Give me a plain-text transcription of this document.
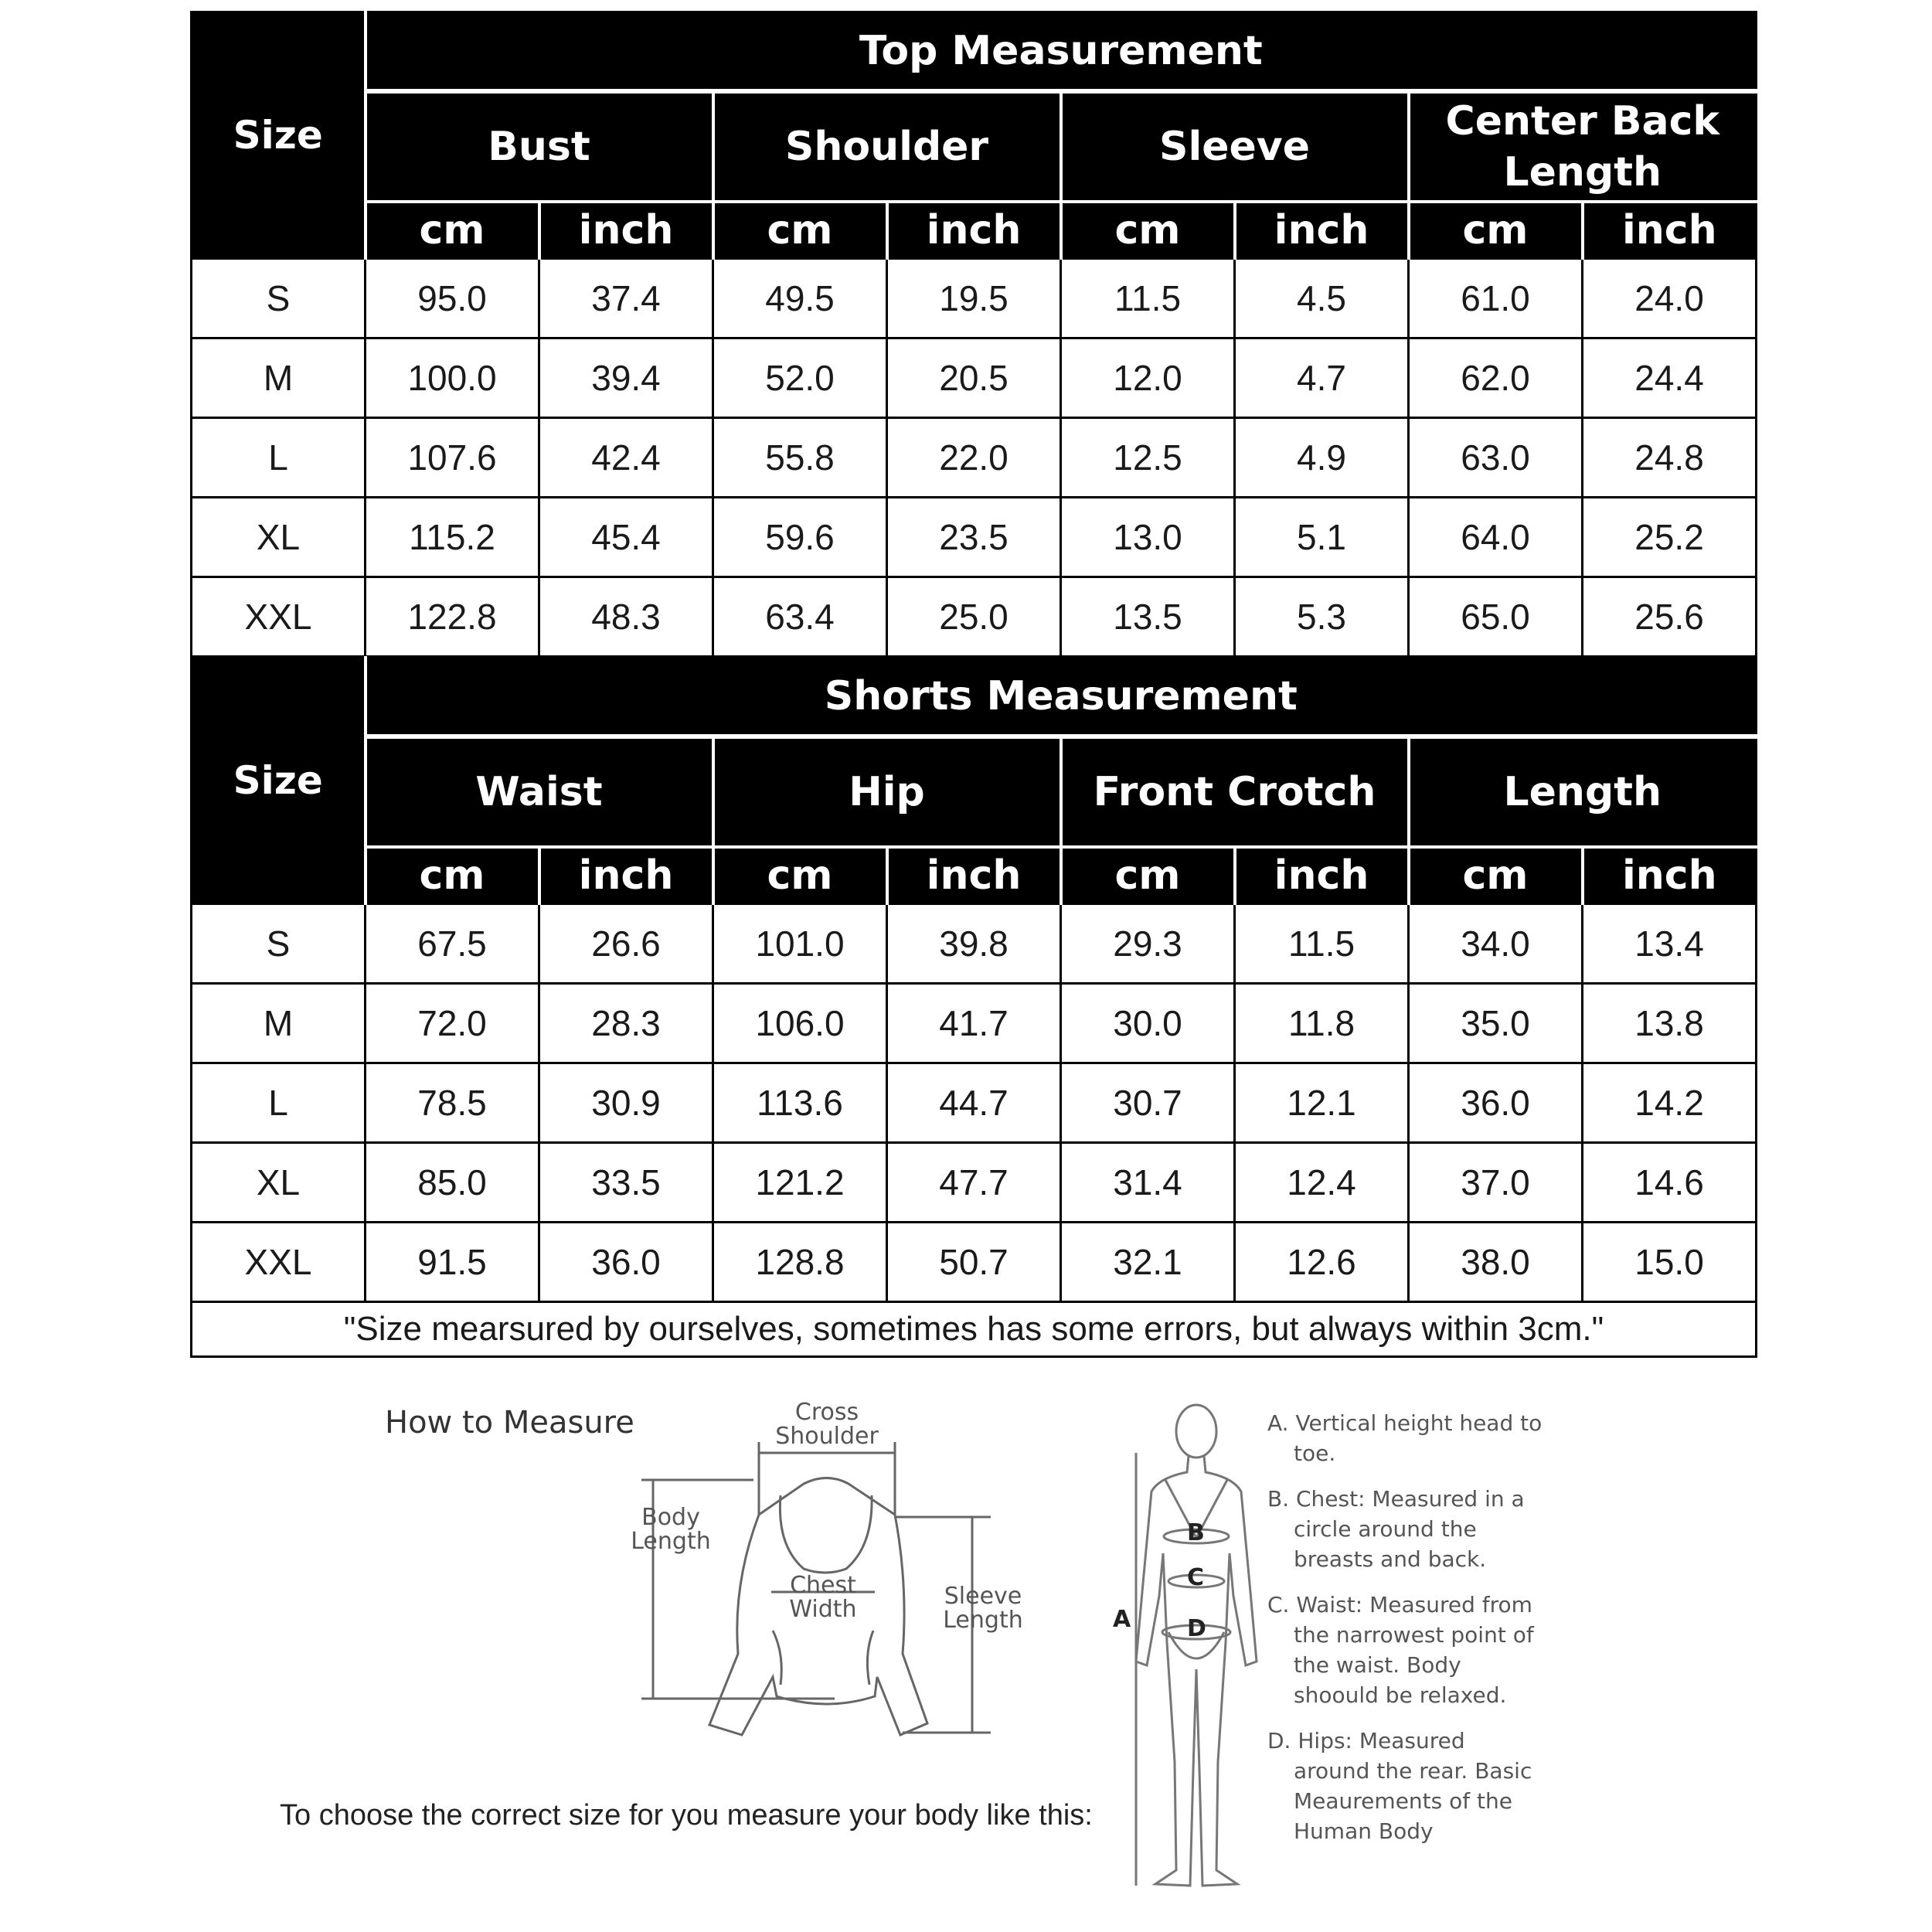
Size	Top Measurement							
	Bust		Shoulder		Sleeve		Center Back Length	
	cm	inch	cm	inch	cm	inch	cm	inch
S	95.0	37.4	49.5	19.5	11.5	4.5	61.0	24.0
M	100.0	39.4	52.0	20.5	12.0	4.7	62.0	24.4
L	107.6	42.4	55.8	22.0	12.5	4.9	63.0	24.8
XL	115.2	45.4	59.6	23.5	13.0	5.1	64.0	25.2
XXL	122.8	48.3	63.4	25.0	13.5	5.3	65.0	25.6
Size	Shorts Measurement							
	Waist		Hip		Front Crotch		Length	
	cm	inch	cm	inch	cm	inch	cm	inch
S	67.5	26.6	101.0	39.8	29.3	11.5	34.0	13.4
M	72.0	28.3	106.0	41.7	30.0	11.8	35.0	13.8
L	78.5	30.9	113.6	44.7	30.7	12.1	36.0	14.2
XL	85.0	33.5	121.2	47.7	31.4	12.4	37.0	14.6
XXL	91.5	36.0	128.8	50.7	32.1	12.6	38.0	15.0
"Size mearsured by ourselves, sometimes has some errors, but always within 3cm."								
How to Measure
To choose the correct size for you measure your body like this:
Cross Shoulder
Body Length
Chest Width	Sleeve Length	A
B
C
D

A. Vertical height head to toe.

B. Chest: Measured in a circle around the breasts and back.

C. Waist: Measured from the narrowest point of the waist. Body shoould be relaxed.

D. Hips: Measured around the rear. Basic Meaurements of the Human Body
